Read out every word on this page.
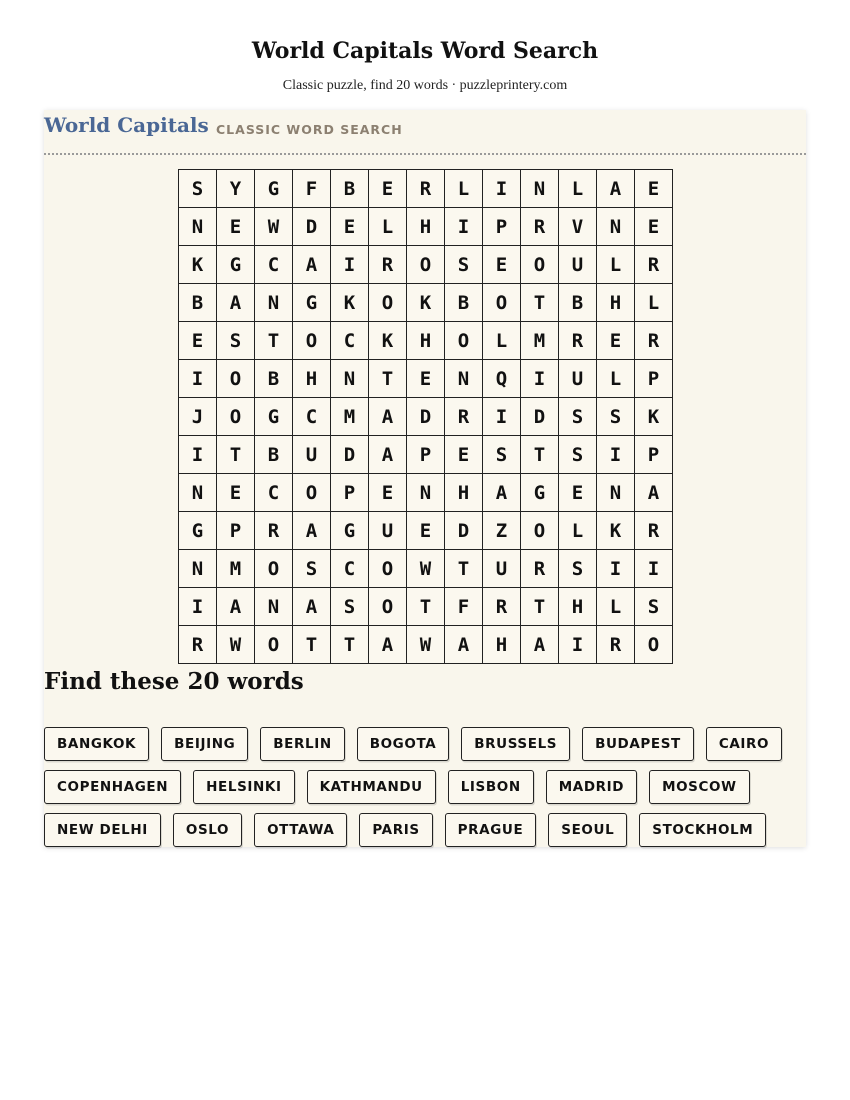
World Capitals Word Search
Classic puzzle, find 20 words · puzzleprintery.com
World Capitals CLASSIC WORD SEARCH
S	Y	G	F	B	E	R	L	I	N	L	A	E
N	E	W	D	E	L	H	I	P	R	V	N	E
K	G	C	A	I	R	O	S	E	O	U	L	R
B	A	N	G	K	O	K	B	O	T	B	H	L
E	S	T	O	C	K	H	O	L	M	R	E	R
I	O	B	H	N	T	E	N	Q	I	U	L	P
J	O	G	C	M	A	D	R	I	D	S	S	K
I	T	B	U	D	A	P	E	S	T	S	I	P
N	E	C	O	P	E	N	H	A	G	E	N	A
G	P	R	A	G	U	E	D	Z	O	L	K	R
N	M	O	S	C	O	W	T	U	R	S	I	I
I	A	N	A	S	O	T	F	R	T	H	L	S
R	W	O	T	T	A	W	A	H	A	I	R	O
Find these 20 words
BANGKOK	BEIJING	BERLIN	BOGOTA	BRUSSELS	BUDAPEST	CAIRO
COPENHAGEN	HELSINKI	KATHMANDU	LISBON	MADRID	MOSCOW
NEW DELHI	OSLO	OTTAWA	PARIS	PRAGUE	SEOUL	STOCKHOLM
